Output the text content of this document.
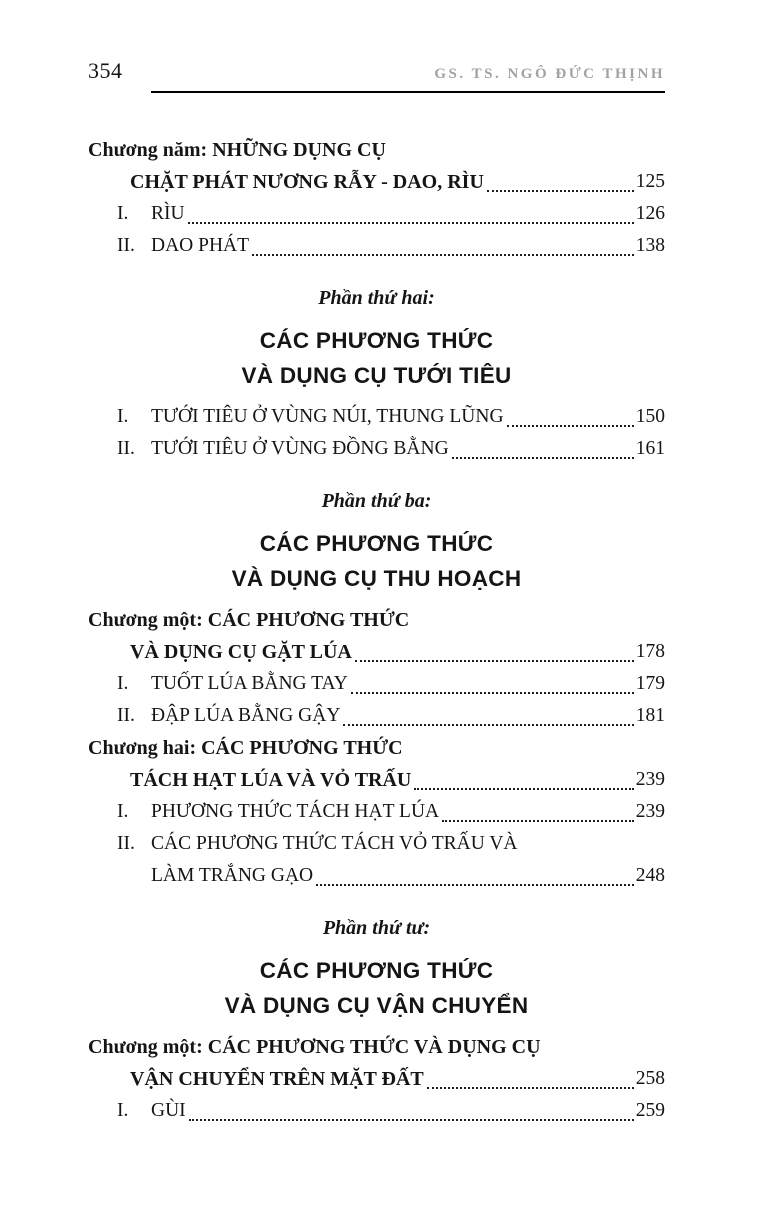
354	GS. TS. NGÔ ĐỨC THỊNH
Chương năm: NHỮNG DỤNG CỤ
CHẶT PHÁT NƯƠNG RẪY - DAO, RÌU	125
I.	RÌU	126
II. DAO PHÁT	138
Phần thứ hai:
CÁC PHƯƠNG THỨC
VÀ DỤNG CỤ TƯỚI TIÊU
I.	TƯỚI TIÊU Ở VÙNG NÚI, THUNG LŨNG	150
II. TƯỚI TIÊU Ở VÙNG ĐỒNG BẰNG	161
Phần thứ ba:
CÁC PHƯƠNG THỨC
VÀ DỤNG CỤ THU HOẠCH
Chương một: CÁC PHƯƠNG THỨC
VÀ DỤNG CỤ GẶT LÚA	178
I.	TUỐT LÚA BẰNG TAY	179
II. ĐẬP LÚA BẰNG GẬY	181
Chương hai: CÁC PHƯƠNG THỨC
TÁCH HẠT LÚA VÀ VỎ TRẤU	239
I.	PHƯƠNG THỨC TÁCH HẠT LÚA	239
II. CÁC PHƯƠNG THỨC TÁCH VỎ TRẤU VÀ
LÀM TRẮNG GẠO	248
Phần thứ tư:
CÁC PHƯƠNG THỨC
VÀ DỤNG CỤ VẬN CHUYỂN
Chương một: CÁC PHƯƠNG THỨC VÀ DỤNG CỤ
VẬN CHUYỂN TRÊN MẶT ĐẤT	258
I.	GÙI	259
